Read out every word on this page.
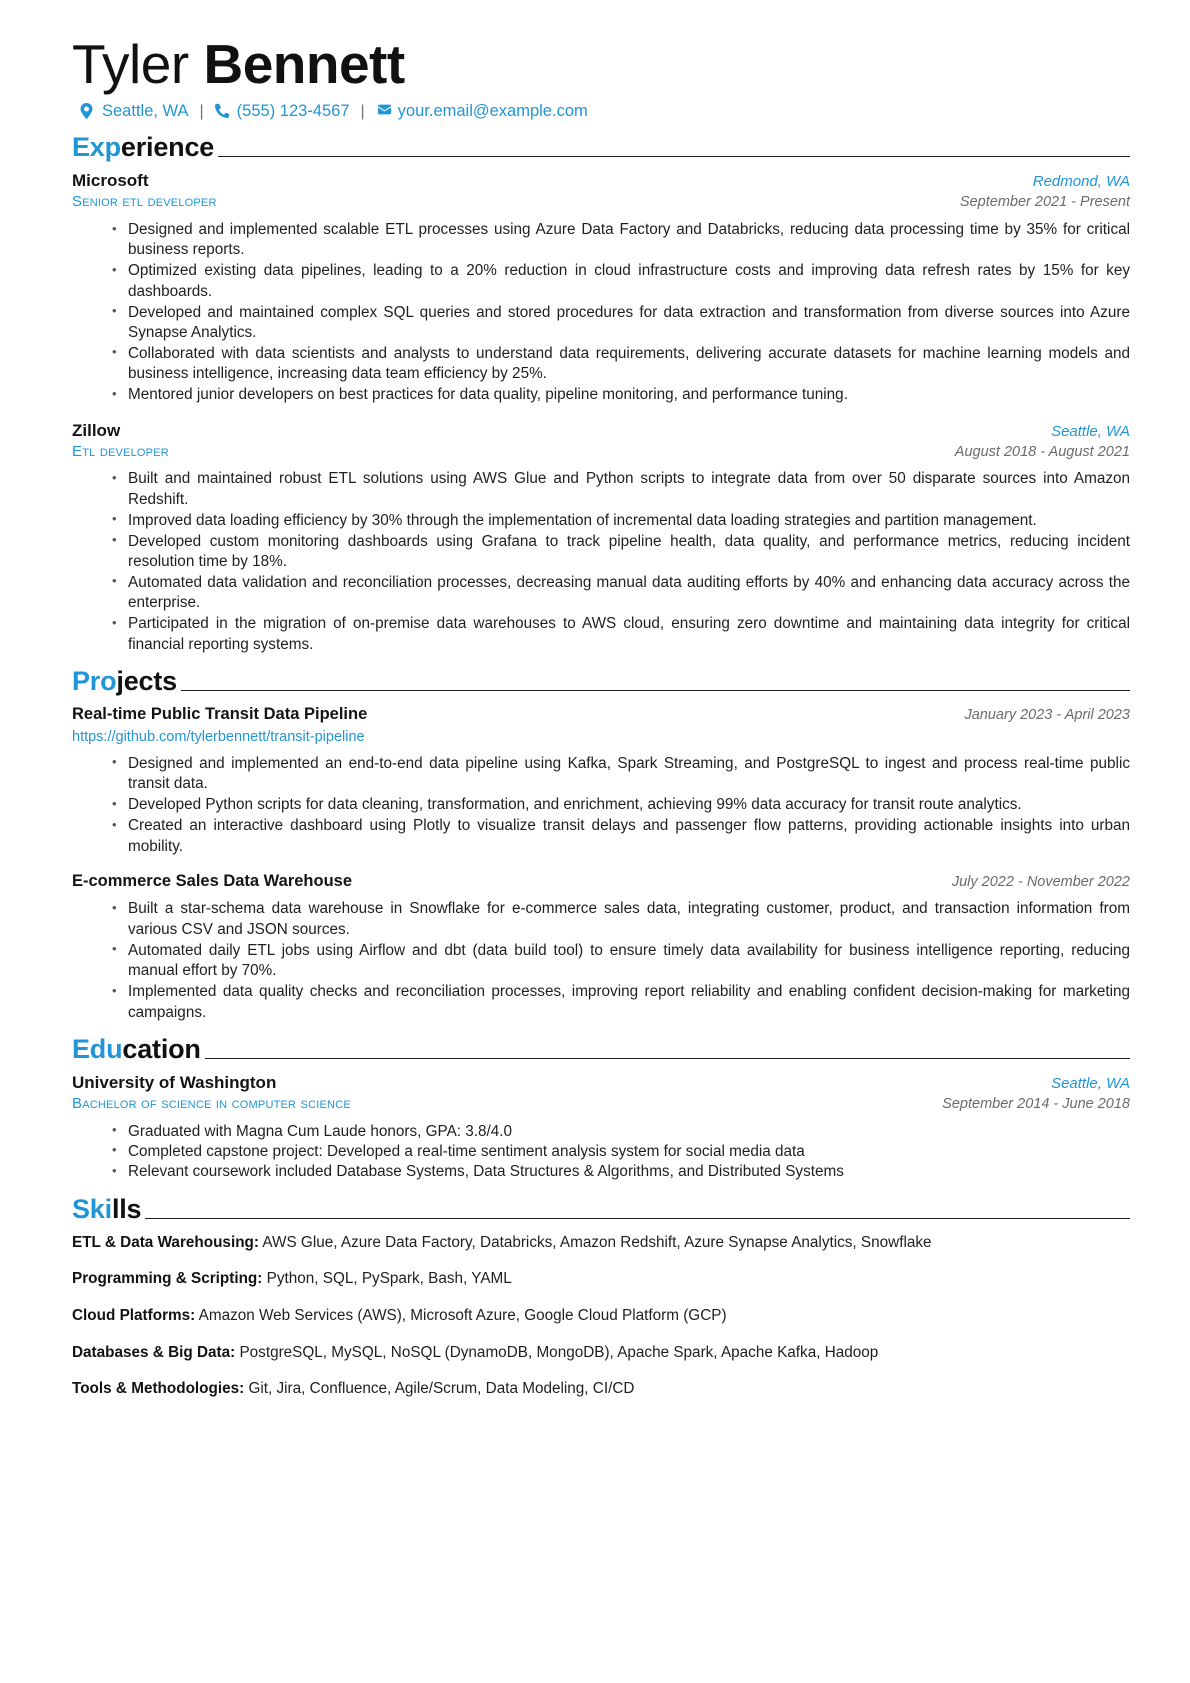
Tyler Bennett
Seattle, WA | (555) 123-4567 | your.email@example.com
Experience
Microsoft	Redmond, WA
Senior etl developer	September 2021 - Present
• Designed and implemented scalable ETL processes using Azure Data Factory and Databricks, reducing data processing time by 35% for critical business reports.
• Optimized existing data pipelines, leading to a 20% reduction in cloud infrastructure costs and improving data refresh rates by 15% for key dashboards.
• Developed and maintained complex SQL queries and stored procedures for data extraction and transformation from diverse sources into Azure Synapse Analytics.
• Collaborated with data scientists and analysts to understand data requirements, delivering accurate datasets for machine learning models and business intelligence, increasing data team efficiency by 25%.
• Mentored junior developers on best practices for data quality, pipeline monitoring, and performance tuning.
Zillow	Seattle, WA
Etl developer	August 2018 - August 2021
• Built and maintained robust ETL solutions using AWS Glue and Python scripts to integrate data from over 50 disparate sources into Amazon Redshift.
• Improved data loading efficiency by 30% through the implementation of incremental data loading strategies and partition management.
• Developed custom monitoring dashboards using Grafana to track pipeline health, data quality, and performance metrics, reducing incident resolution time by 18%.
• Automated data validation and reconciliation processes, decreasing manual data auditing efforts by 40% and enhancing data accuracy across the enterprise.
• Participated in the migration of on-premise data warehouses to AWS cloud, ensuring zero downtime and maintaining data integrity for critical financial reporting systems.
Projects
Real-time Public Transit Data Pipeline	January 2023 - April 2023
https://github.com/tylerbennett/transit-pipeline
• Designed and implemented an end-to-end data pipeline using Kafka, Spark Streaming, and PostgreSQL to ingest and process real-time public transit data.
• Developed Python scripts for data cleaning, transformation, and enrichment, achieving 99% data accuracy for transit route analytics.
• Created an interactive dashboard using Plotly to visualize transit delays and passenger flow patterns, providing actionable insights into urban mobility.
E-commerce Sales Data Warehouse	July 2022 - November 2022
• Built a star-schema data warehouse in Snowflake for e-commerce sales data, integrating customer, product, and transaction information from various CSV and JSON sources.
• Automated daily ETL jobs using Airflow and dbt (data build tool) to ensure timely data availability for business intelligence reporting, reducing manual effort by 70%.
• Implemented data quality checks and reconciliation processes, improving report reliability and enabling confident decision-making for marketing campaigns.
Education
University of Washington	Seattle, WA
Bachelor of science in computer science	September 2014 - June 2018
• Graduated with Magna Cum Laude honors, GPA: 3.8/4.0
• Completed capstone project: Developed a real-time sentiment analysis system for social media data
• Relevant coursework included Database Systems, Data Structures & Algorithms, and Distributed Systems
Skills
ETL & Data Warehousing: AWS Glue, Azure Data Factory, Databricks, Amazon Redshift, Azure Synapse Analytics, Snowflake
Programming & Scripting: Python, SQL, PySpark, Bash, YAML
Cloud Platforms: Amazon Web Services (AWS), Microsoft Azure, Google Cloud Platform (GCP)
Databases & Big Data: PostgreSQL, MySQL, NoSQL (DynamoDB, MongoDB), Apache Spark, Apache Kafka, Hadoop
Tools & Methodologies: Git, Jira, Confluence, Agile/Scrum, Data Modeling, CI/CD
